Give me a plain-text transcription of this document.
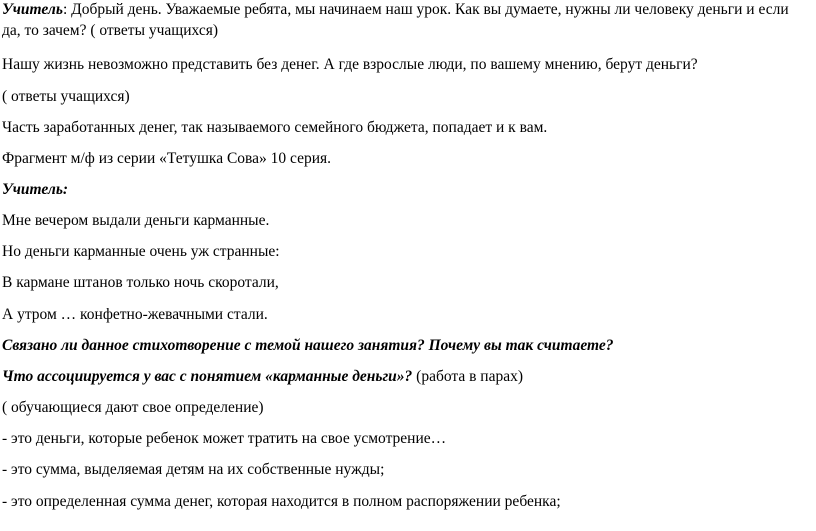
Учитель: Добрый день. Уважаемые ребята, мы начинаем наш урок. Как вы думаете, нужны ли человеку деньги и если
да, то зачем? ( ответы учащихся)
Нашу жизнь невозможно представить без денег. А где взрослые люди, по вашему мнению, берут деньги?
( ответы учащихся)
Часть заработанных денег, так называемого семейного бюджета, попадает и к вам.
Фрагмент м/ф из серии «Тетушка Сова» 10 серия.
Учитель:
Мне вечером выдали деньги карманные.
Но деньги карманные очень уж странные:
В кармане штанов только ночь скоротали,
А утром … конфетно-жевачными стали.
Связано ли данное стихотворение с темой нашего занятия? Почему вы так считаете?
Что ассоциируется у вас с понятием «карманные деньги»? (работа в парах)
( обучающиеся дают свое определение)
- это деньги, которые ребенок может тратить на свое усмотрение…
- это сумма, выделяемая детям на их собственные нужды;
- это определенная сумма денег, которая находится в полном распоряжении ребенка;
